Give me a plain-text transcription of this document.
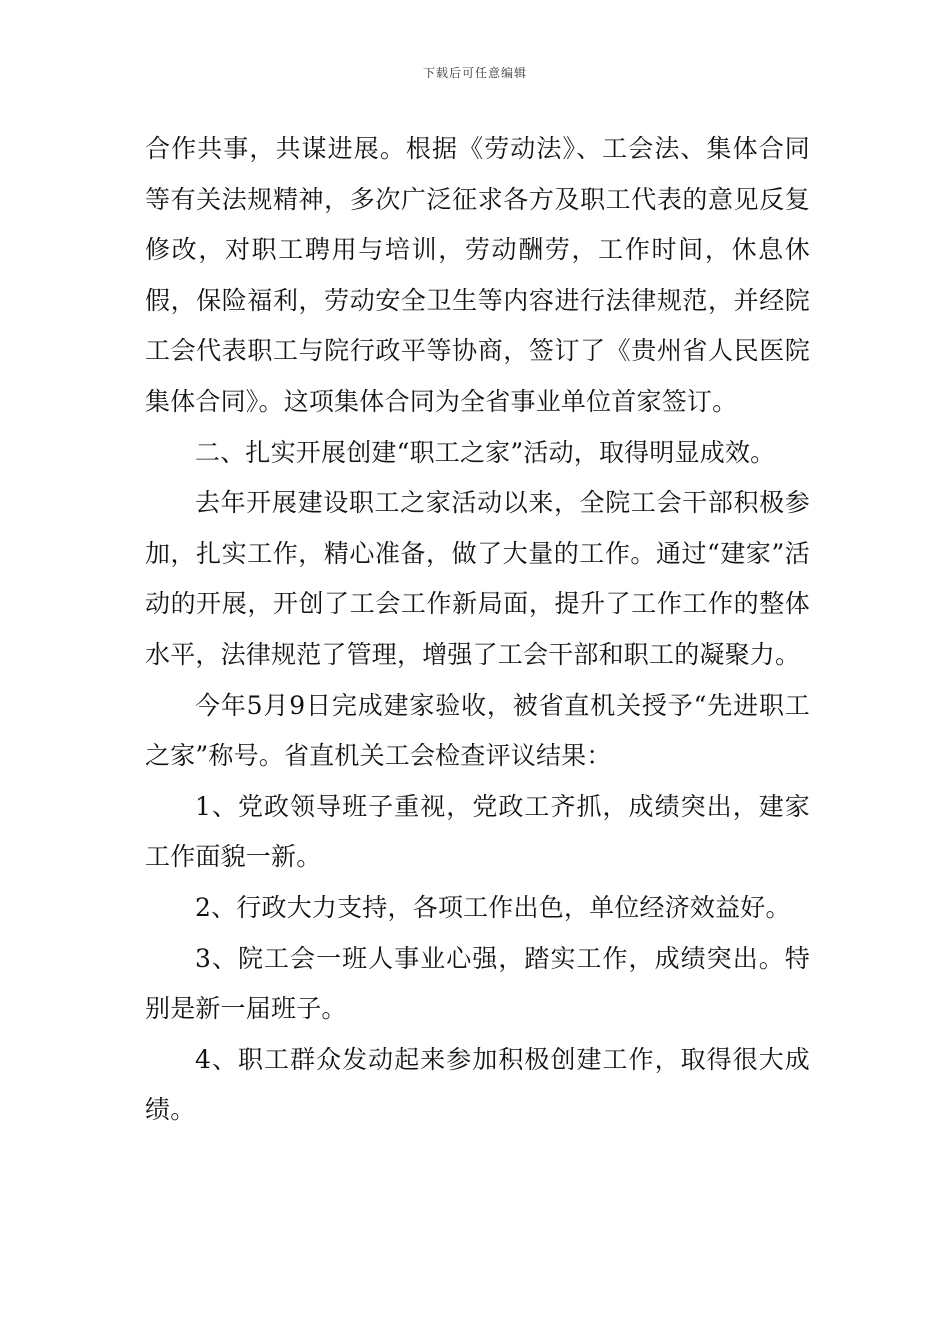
下载后可任意编辑

合作共事，共谋进展。根据《劳动法》、工会法、集体合同等有关法规精神，多次广泛征求各方及职工代表的意见反复修改，对职工聘用与培训，劳动酬劳，工作时间，休息休假，保险福利，劳动安全卫生等内容进行法律规范，并经院工会代表职工与院行政平等协商，签订了《贵州省人民医院集体合同》。这项集体合同为全省事业单位首家签订。

二、扎实开展创建“职工之家”活动，取得明显成效。

去年开展建设职工之家活动以来，全院工会干部积极参加，扎实工作，精心准备，做了大量的工作。通过“建家”活动的开展，开创了工会工作新局面，提升了工作工作的整体水平，法律规范了管理，增强了工会干部和职工的凝聚力。

今年5月9日完成建家验收，被省直机关授予“先进职工之家”称号。省直机关工会检查评议结果：

1、党政领导班子重视，党政工齐抓，成绩突出，建家工作面貌一新。

2、行政大力支持，各项工作出色，单位经济效益好。

3、院工会一班人事业心强，踏实工作，成绩突出。特别是新一届班子。

4、职工群众发动起来参加积极创建工作，取得很大成绩。
